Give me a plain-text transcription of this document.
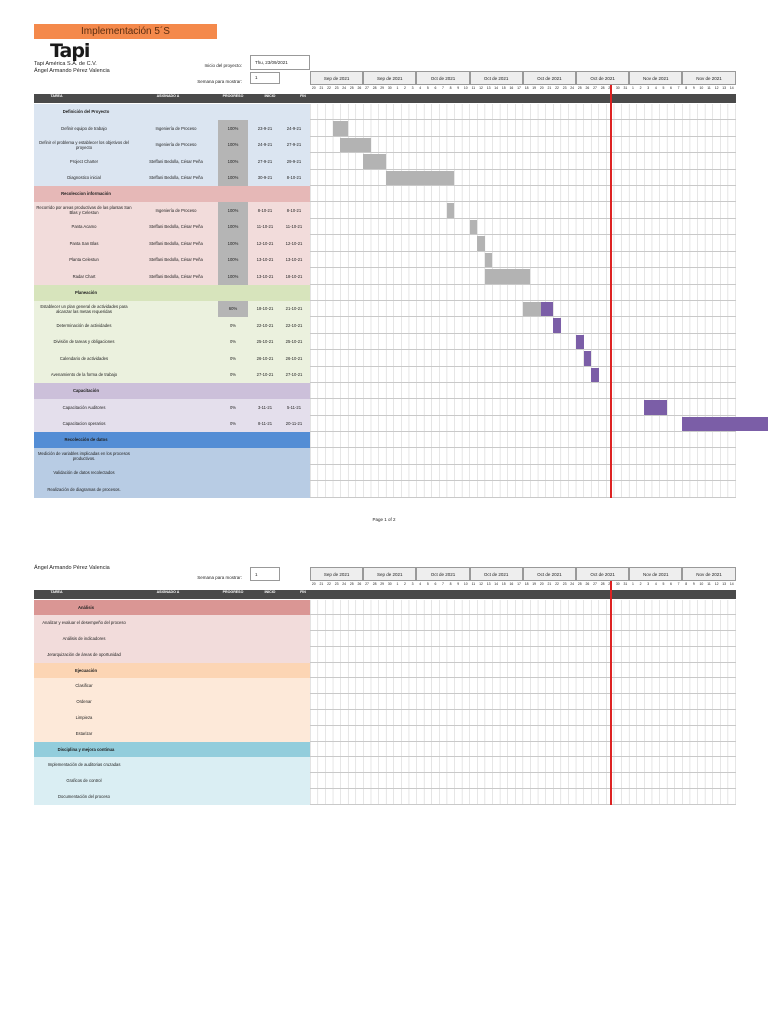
Implementación 5´S
Tapi
Tapi América S.A. de C.V.
Ángel Armando Pérez Valencia
Inicio del proyecto:
Thu, 23/09/2021
Semana para mostrar:
1
Ángel Armando Pérez Valencia
Semana para mostrar:
1
Page 1 of 2
Sep de 2021	Sep de 2021	Oct de 2021	Oct de 2021	Oct de 2021	Oct de 2021	Nov de 2021	Nov de 2021
20	21	22	23	24	25	26	27	28	29	30	1	2	3	4	5	6	7	8	9	10	11	12	13	14	15	16	17	18	19	20	21	22	23	24	25	26	27	28	30	31	1	2	3	4	5	6	7	8	9	10	11	12	13	14
TAREA	ASIGNADO A	PROGRESO	INICIO	FIN
Definición del Proyecto
Definir equipo de trabajo	Ingeniería de Proceso	100%	23-9-21	24-9-21
Definir el problema y establecer los objetivos del proyecto
Ingeniería de Proceso	100%	24-9-21	27-9-21
Project Charter	Steffani Bedolla, César Peña	100%	27-9-21	29-9-21
Diagnostico inicial	Steffani Bedolla, César Peña	100%	30-9-21	8-10-21
Recoleccion información
Recorrido por areas productivas de las plantas San Blas y Celestun
Ingeniería de Proceso	100%	8-10-21	8-10-21
Panta Acamo	Steffani Bedolla, César Peña	100%	11-10-21	11-10-21
Panta San Blas	Steffani Bedolla, César Peña	100%	12-10-21	12-10-21
Planta Celestun	Steffani Bedolla, César Peña	100%	13-10-21	13-10-21
Radar Chart	Steffani Bedolla, César Peña	100%	13-10-21	18-10-21
Planeación
Establecer un plan general de actividades para alcanzar las metas requeridas
60%	18-10-21	21-10-21
Determinación de actividades	0%	22-10-21	22-10-21
División de tareas y obligaciones	0%	25-10-21	25-10-21
Calendario de actividades	0%	26-10-21	26-10-21
Avenamiento de la forma de trabajo	0%	27-10-21	27-10-21
Capacitación
Capacitación Auditores	0%	3-11-21	5-11-21
Capacitacion operarios	0%	8-11-21	20-11-21
Recolección de datos
Medición de variables implicadas en los procesos productivos.
Validación de datos recolectados
Realización de diagramas de procesos.
Sep de 2021	Sep de 2021	Oct de 2021	Oct de 2021	Oct de 2021	Oct de 2021	Nov de 2021	Nov de 2021
20	21	22	23	24	25	26	27	28	29	30	1	2	3	4	5	6	7	8	9	10	11	12	13	14	15	16	17	18	19	20	21	22	23	24	25	26	27	28	30	31	1	2	3	4	5	6	7	8	9	10	11	12	13	14
TAREA	ASIGNADO A	PROGRESO	INICIO	FIN
Análisis
Analizar y evaluar el desempeño del proceso
Análisis de indicadores
Jerarquización de áreas de oportunidad
Ejecuación
Clasificar
Ordenar
Limpieza
Estarizar
Disciplina y mejora continua
Implementación de auditorias cruzadas
Graficos de control
Documentación del proceso
